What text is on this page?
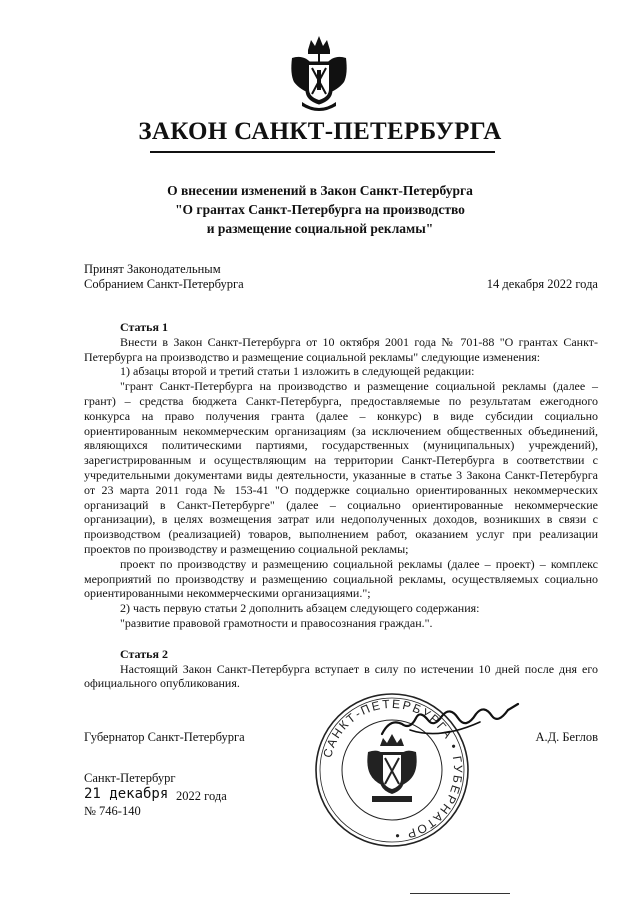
ЗАКОН САНКТ-ПЕТЕРБУРГА
О внесении изменений в Закон Санкт-Петербурга
"О грантах Санкт-Петербурга на производство
и размещение социальной рекламы"
Принят Законодательным
Собранием Санкт-Петербурга	14 декабря 2022 года
Статья 1

Внести в Закон Санкт-Петербурга от 10 октября 2001 года № 701-88 "О грантах Санкт-Петербурга на производство и размещение социальной рекламы" следующие изменения:

1) абзацы второй и третий статьи 1 изложить в следующей редакции:

"грант Санкт-Петербурга на производство и размещение социальной рекламы (далее – грант) – средства бюджета Санкт-Петербурга, предоставляемые по результатам ежегодного конкурса на право получения гранта (далее – конкурс) в виде субсидии социально ориентированным некоммерческим организациям (за исключением общественных объединений, являющихся политическими партиями, государственных (муниципальных) учреждений), зарегистрированным и осуществляющим на территории Санкт-Петербурга в соответствии с учредительными документами виды деятельности, указанные в статье 3 Закона Санкт-Петербурга от 23 марта 2011 года № 153-41 "О поддержке социально ориентированных некоммерческих организаций в Санкт-Петербурге" (далее – социально ориентированные некоммерческие организации), в целях возмещения затрат или недополученных доходов, возникших в связи с производством (реализацией) товаров, выполнением работ, оказанием услуг при реализации проектов по производству и размещению социальной рекламы;

проект по производству и размещению социальной рекламы (далее – проект) – комплекс мероприятий по производству и размещению социальной рекламы, осуществляемых социально ориентированными некоммерческими организациями.";

2) часть первую статьи 2 дополнить абзацем следующего содержания:

"развитие правовой грамотности и правосознания граждан.".

Статья 2

Настоящий Закон Санкт-Петербурга вступает в силу по истечении 10 дней после дня его официального опубликования.

Губернатор Санкт-Петербурга	А.Д. Беглов
САНКТ-ПЕТЕРБУРГА • ГУБЕРНАТОР •
Санкт-Петербург
21 декабря 2022 года
№ 746-140
